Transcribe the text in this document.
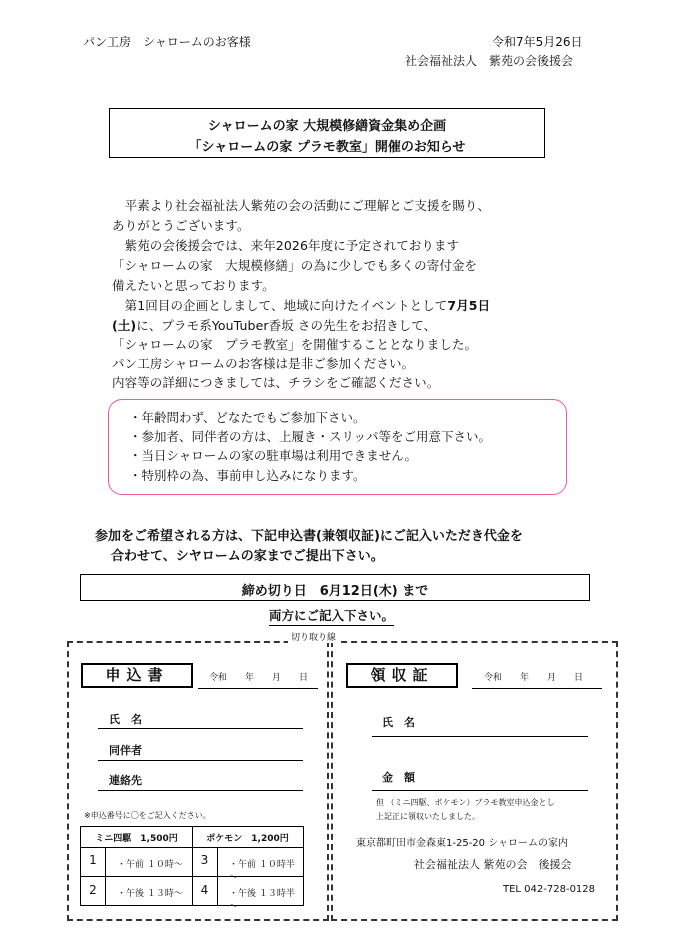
パン工房　シャロームのお客様	令和7年5月26日
社会福祉法人　紫苑の会後援会
シャロームの家 大規模修繕資金集め企画
「シャロームの家 プラモ教室」開催のお知らせ
　平素より社会福祉法人紫苑の会の活動にご理解とご支援を賜り、
ありがとうございます。
　紫苑の会後援会では、来年2026年度に予定されております
「シャロームの家　大規模修繕」の為に少しでも多くの寄付金を
備えたいと思っております。
　第1回目の企画としまして、地域に向けたイベントとして7月5日
(土)に、プラモ系YouTuber香坂 さの先生をお招きして、
「シャロームの家　プラモ教室」を開催することとなりました。
パン工房シャロームのお客様は是非ご参加ください。
内容等の詳細につきましては、チラシをご確認ください。
・年齢問わず、どなたでもご参加下さい。
・参加者、同伴者の方は、上履き・スリッパ等をご用意下さい。
・当日シャロームの家の駐車場は利用できません。
・特別枠の為、事前申し込みになります。
参加をご希望される方は、下記申込書(兼領収証)にご記入いただき代金を
合わせて、シヤロームの家までご提出下さい。
締め切り日　6月12日(木) まで
両方にご記入下さい。
切り取り線
申込書	令和　　年　　月　　日
氏　名
同伴者
連絡先
※申込番号に〇をご記入ください。
ミニ四駆　1,500円	ポケモン　1,200円
1	・午前 １０時～	3	・午前 １０時半～
2	・午後 １３時～	4	・午後 １３時半～
領収証	令和　　年　　月　　日
氏　名
金　額
但 （ミニ四駆、ポケモン）プラモ教室申込金とし
上記正に領収いたしました。
東京都町田市金森東1-25-20 シャロームの家内
社会福祉法人 紫苑の会　後援会
TEL 042-728-0128
